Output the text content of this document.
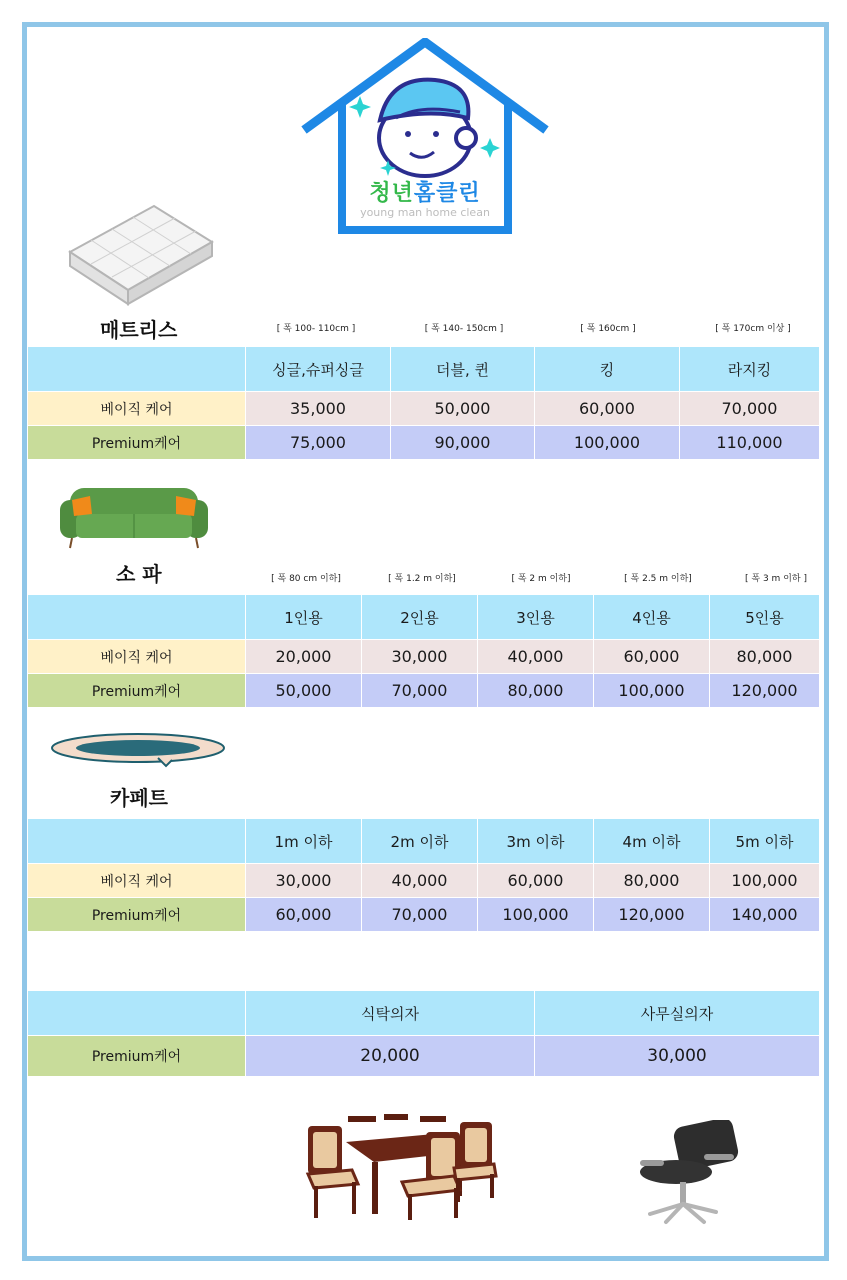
청년홈클린
young man home clean
매트리스	[ 폭 100- 110cm ]	[ 폭 140- 150cm ]	[ 폭 160cm ]	[ 폭 170cm 이상 ]
	싱글,슈퍼싱글	더블, 퀸	킹	라지킹
베이직 케어	35,000	50,000	60,000	70,000
Premium케어	75,000	90,000	100,000	110,000
소 파	[ 폭 80 cm 이하]	[ 폭 1.2 m 이하]	[ 폭 2 m 이하]	[ 폭 2.5 m 이하]	[ 폭 3 m 이하 ]
	1인용	2인용	3인용	4인용	5인용
베이직 케어	20,000	30,000	40,000	60,000	80,000
Premium케어	50,000	70,000	80,000	100,000	120,000
카페트
	1m 이하	2m 이하	3m 이하	4m 이하	5m 이하
베이직 케어	30,000	40,000	60,000	80,000	100,000
Premium케어	60,000	70,000	100,000	120,000	140,000
	식탁의자	사무실의자
Premium케어	20,000	30,000
